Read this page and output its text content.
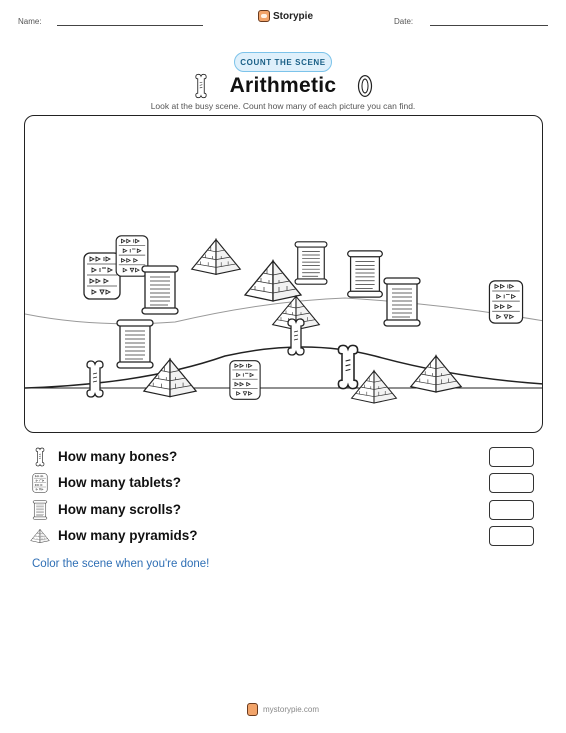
Name:	Storypie	Date:
COUNT THE SCENE
Arithmetic
Look at the busy scene. Count how many of each picture you can find.
How many bones?
How many tablets?
How many scrolls?
How many pyramids?
Color the scene when you're done!
mystorypie.com
